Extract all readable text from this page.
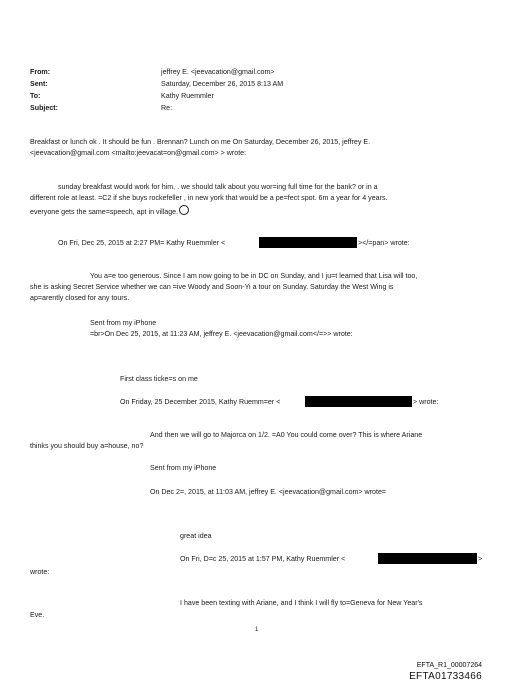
From:	jeffrey E. <jeevacation@gmail.com>
Sent:	Saturday, December 26, 2015 8:13 AM
To:	Kathy Ruemmler
Subject:	Re:
Breakfast or lunch ok . It should be fun . Brennan? Lunch on me On Saturday, December 26, 2015, jeffrey E.
<jeevacation@gmail.com <mailto:jeevacat=on@gmail.com> > wrote:
sunday breakfast would work for him, . we should talk about you wor=ing full time for the bank? or in a
different role at least. =C2 if she buys rockefeller , in new york that would be a pe=fect spot. 6m a year for 4 years.
everyone gets the same=speech, apt in village.
On Fri, Dec 25, 2015 at 2:27 PM= Kathy Ruemmler <	></=pan> wrote:
You a=e too generous. Since I am now going to be in DC on Sunday, and I ju=t learned that Lisa will too,
she is asking Secret Service whether we can =ive Woody and Soon-Yi a tour on Sunday. Saturday the West Wing is
ap=arently closed for any tours.
Sent from my iPhone
=br>On Dec 25, 2015, at 11:23 AM, jeffrey E. <jeevacation@gmail.com</=>> wrote:
First class ticke=s on me
On Friday, 25 December 2015, Kathy Ruemm=er <	> wrote:
And then we will go to Majorca on 1/2. =A0 You could come over? This is where Ariane
thinks you should buy a=house, no?
Sent from my iPhone
On Dec 2=, 2015, at 11:03 AM, jeffrey E. <jeevacation@gmail.com> wrote=
great idea
On Fri, D=c 25, 2015 at 1:57 PM, Kathy Ruemmler <	>
wrote:
I have been texting with Ariane, and I think I will fly to=Geneva for New Year's
Eve.
1
EFTA_R1_00007264
EFTA01733466
